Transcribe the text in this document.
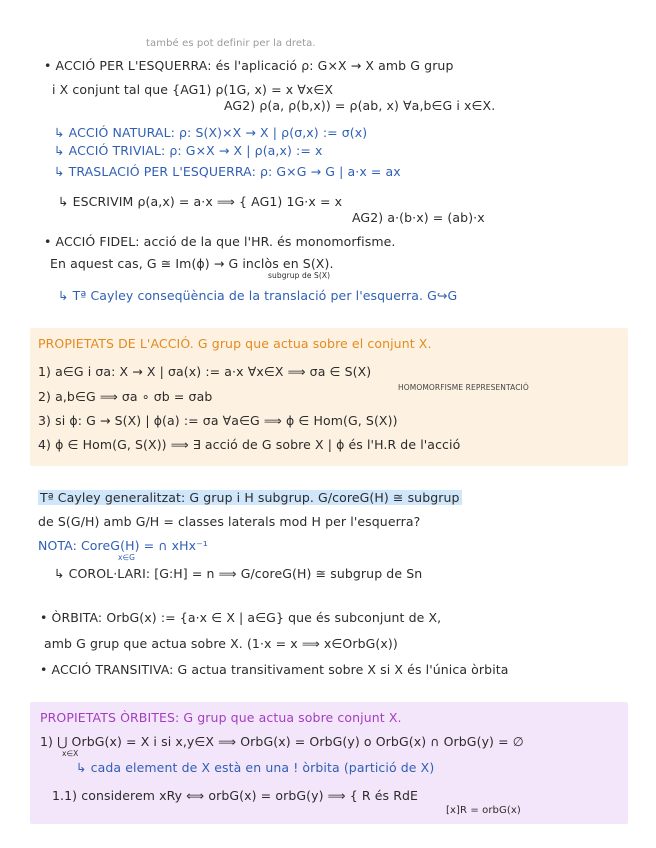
també es pot definir per la dreta.
• ACCIÓ PER L'ESQUERRA: és l'aplicació ρ: G×X → X amb G grup
i X conjunt tal que {AG1) ρ(1G, x) = x ∀x∈X
AG2) ρ(a, ρ(b,x)) = ρ(ab, x) ∀a,b∈G i x∈X.
↳ ACCIÓ NATURAL: ρ: S(X)×X → X | ρ(σ,x) := σ(x)
↳ ACCIÓ TRIVIAL: ρ: G×X → X | ρ(a,x) := x
↳ TRASLACIÓ PER L'ESQUERRA: ρ: G×G → G | a·x = ax
↳ ESCRIVIM ρ(a,x) = a·x ⟹ { AG1) 1G·x = x
AG2) a·(b·x) = (ab)·x
• ACCIÓ FIDEL: acció de la que l'HR. és monomorfisme.
En aquest cas, G ≅ Im(ϕ) → G inclòs en S(X).
subgrup de S(X)
↳ Tª Cayley conseqüència de la translació per l'esquerra. G↪G
PROPIETATS DE L'ACCIÓ. G grup que actua sobre el conjunt X.
1) a∈G i σa: X → X | σa(x) := a·x ∀x∈X ⟹ σa ∈ S(X)
HOMOMORFISME REPRESENTACIÓ
2) a,b∈G ⟹ σa ∘ σb = σab
3) si ϕ: G → S(X) | ϕ(a) := σa ∀a∈G ⟹ ϕ ∈ Hom(G, S(X))
4) ϕ ∈ Hom(G, S(X)) ⟹ ∃ acció de G sobre X | ϕ és l'H.R de l'acció
Tª Cayley generalitzat: G grup i H subgrup. G/coreG(H) ≅ subgrup
de S(G/H) amb G/H = classes laterals mod H per l'esquerra?
NOTA: CoreG(H) = ∩ xHx⁻¹
x∈G
↳ COROL·LARI: [G:H] = n ⟹ G/coreG(H) ≅ subgrup de Sn
• ÒRBITA: OrbG(x) := {a·x ∈ X | a∈G} que és subconjunt de X,
amb G grup que actua sobre X. (1·x = x ⟹ x∈OrbG(x))
• ACCIÓ TRANSITIVA: G actua transitivament sobre X si X és l'única òrbita
PROPIETATS ÒRBITES: G grup que actua sobre conjunt X.
1) ⋃ OrbG(x) = X i si x,y∈X ⟹ OrbG(x) = OrbG(y) o OrbG(x) ∩ OrbG(y) = ∅
x∈X
↳ cada element de X està en una ! òrbita (partició de X)
1.1) considerem xRy ⟺ orbG(x) = orbG(y) ⟹ { R és RdE
[x]R = orbG(x)
